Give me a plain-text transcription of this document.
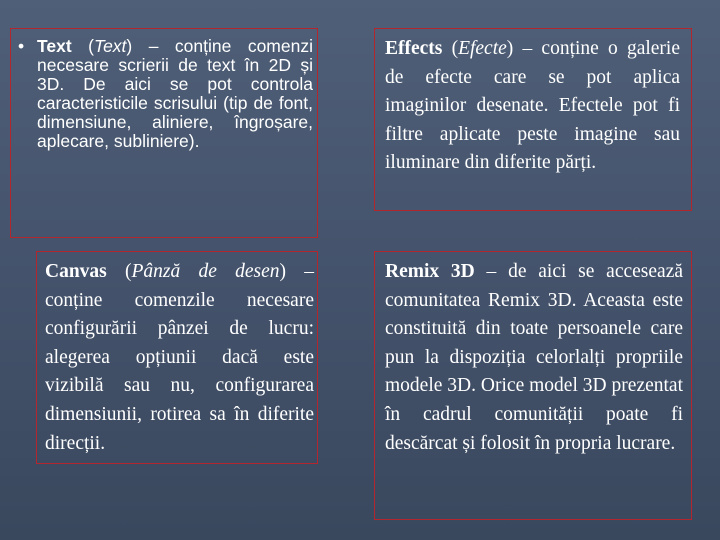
• Text (Text) – conține comenzi necesare scrierii de text în 2D și 3D. De aici se pot controla caracteristicile scrisului (tip de font, dimensiune, aliniere, îngroșare, aplecare, subliniere).

Effects (Efecte) – conține o galerie de efecte care se pot aplica imaginilor desenate. Efectele pot fi filtre aplicate peste imagine sau iluminare din diferite părți.

Canvas (Pânză de desen) – conține comenzile necesare configurării pânzei de lucru: alegerea opțiunii dacă este vizibilă sau nu, configurarea dimensiunii, rotirea sa în diferite direcții.

Remix 3D – de aici se accesează comunitatea Remix 3D. Aceasta este constituită din toate persoanele care pun la dispoziția celorlalți propriile modele 3D. Orice model 3D prezentat în cadrul comunității poate fi descărcat și folosit în propria lucrare.
